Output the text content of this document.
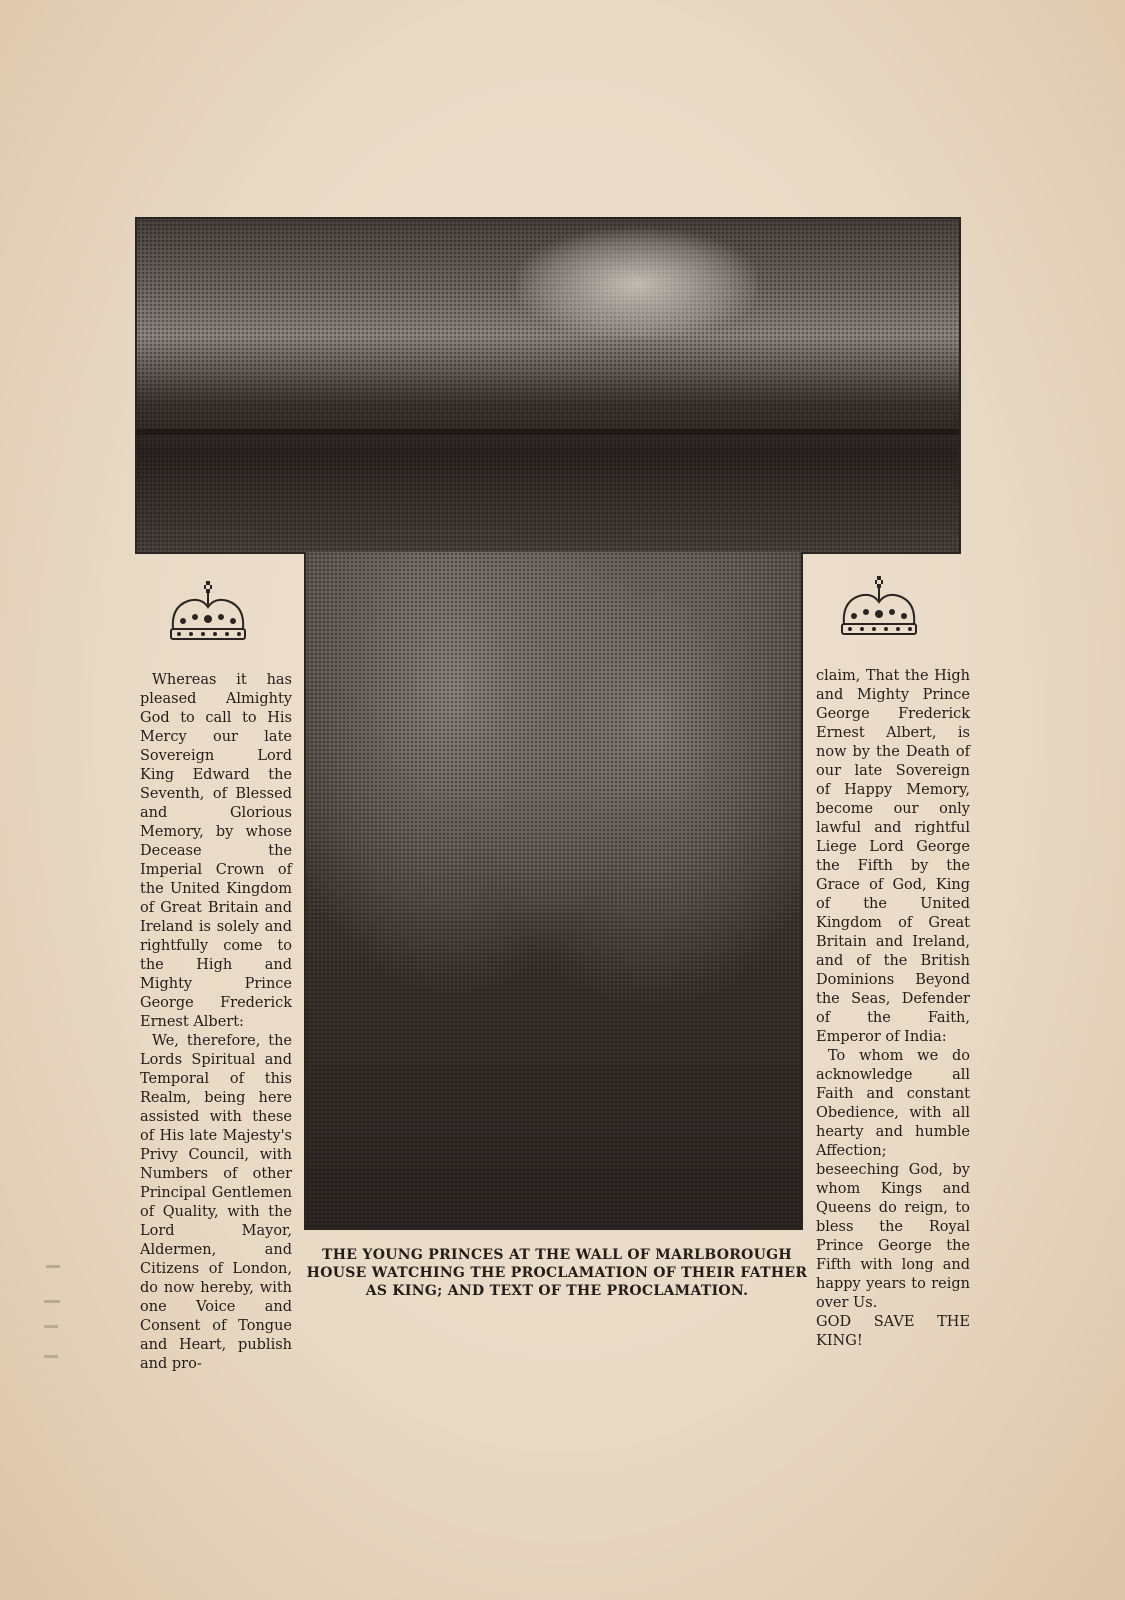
Whereas it has pleased Almighty God to call to His Mercy our late Sovereign Lord King Edward the Seventh, of Blessed and Glorious Memory, by whose Decease the Imperial Crown of the United Kingdom of Great Britain and Ireland is solely and rightfully come to the High and Mighty Prince George Frederick Ernest Albert:

We, therefore, the Lords Spiritual and Temporal of this Realm, being here assisted with these of His late Majesty's Privy Council, with Numbers of other Principal Gentlemen of Quality, with the Lord Mayor, Aldermen, and Citizens of London, do now hereby, with one Voice and Consent of Tongue and Heart, publish and pro-

claim, That the High and Mighty Prince George Frederick Ernest Albert, is now by the Death of our late Sovereign of Happy Memory, become our only lawful and rightful Liege Lord George the Fifth by the Grace of God, King of the United Kingdom of Great Britain and Ireland, and of the British Dominions Beyond the Seas, Defender of the Faith, Emperor of India:

To whom we do acknowledge all Faith and constant Obedience, with all hearty and humble Affection; beseeching God, by whom Kings and Queens do reign, to bless the Royal Prince George the Fifth with long and happy years to reign over Us.

GOD SAVE THE KING!

THE YOUNG PRINCES AT THE WALL OF MARLBOROUGH HOUSE WATCHING THE PROCLAMATION OF THEIR FATHER AS KING; AND TEXT OF THE PROCLAMATION.
